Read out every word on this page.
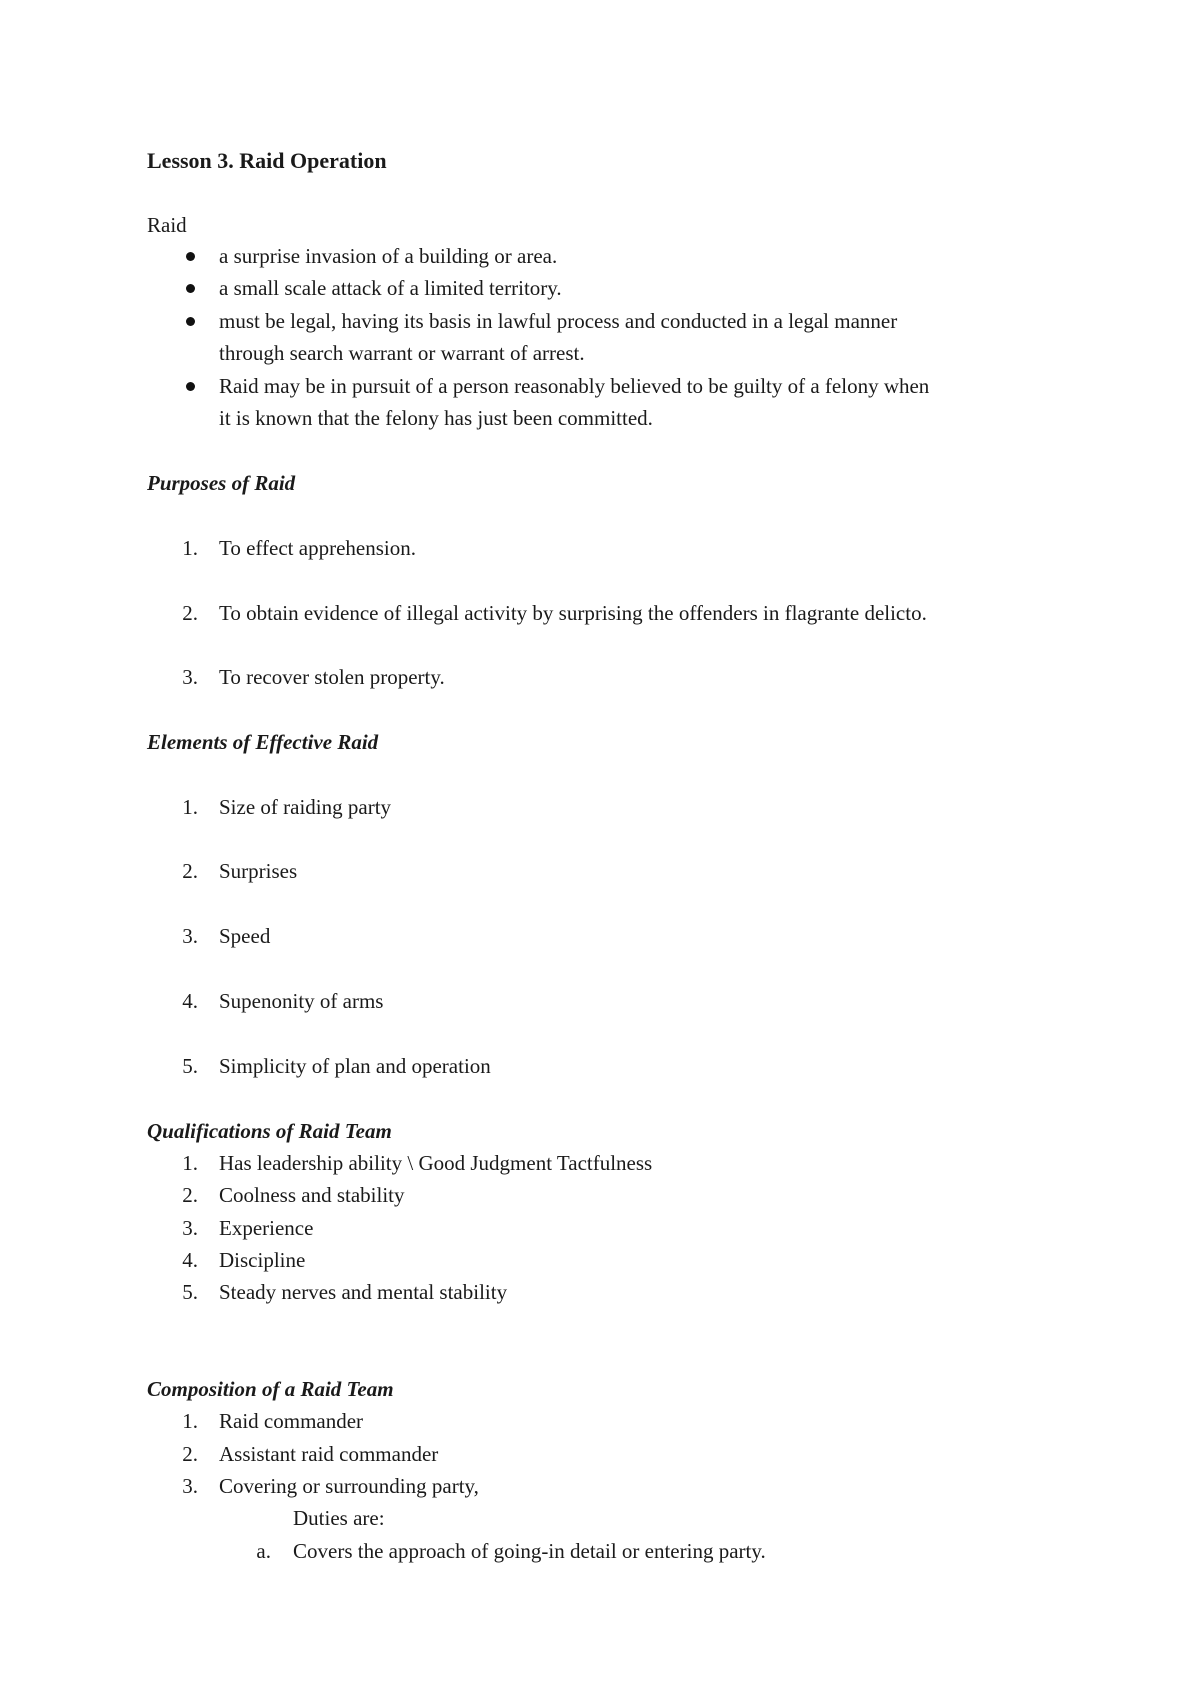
Lesson 3. Raid Operation
Raid
a surprise invasion of a building or area.
a small scale attack of a limited territory.
must be legal, having its basis in lawful process and conducted in a legal manner
through search warrant or warrant of arrest.
Raid may be in pursuit of a person reasonably believed to be guilty of a felony when
it is known that the felony has just been committed.
Purposes of Raid
1. To effect apprehension.
2. To obtain evidence of illegal activity by surprising the offenders in flagrante delicto.
3. To recover stolen property.
Elements of Effective Raid
1. Size of raiding party
2. Surprises
3. Speed
4. Supenonity of arms
5. Simplicity of plan and operation
Qualifications of Raid Team
1. Has leadership ability \ Good Judgment Tactfulness
2. Coolness and stability
3. Experience
4. Discipline
5. Steady nerves and mental stability
Composition of a Raid Team
1. Raid commander
2. Assistant raid commander
3. Covering or surrounding party,
Duties are:
a. Covers the approach of going-in detail or entering party.
